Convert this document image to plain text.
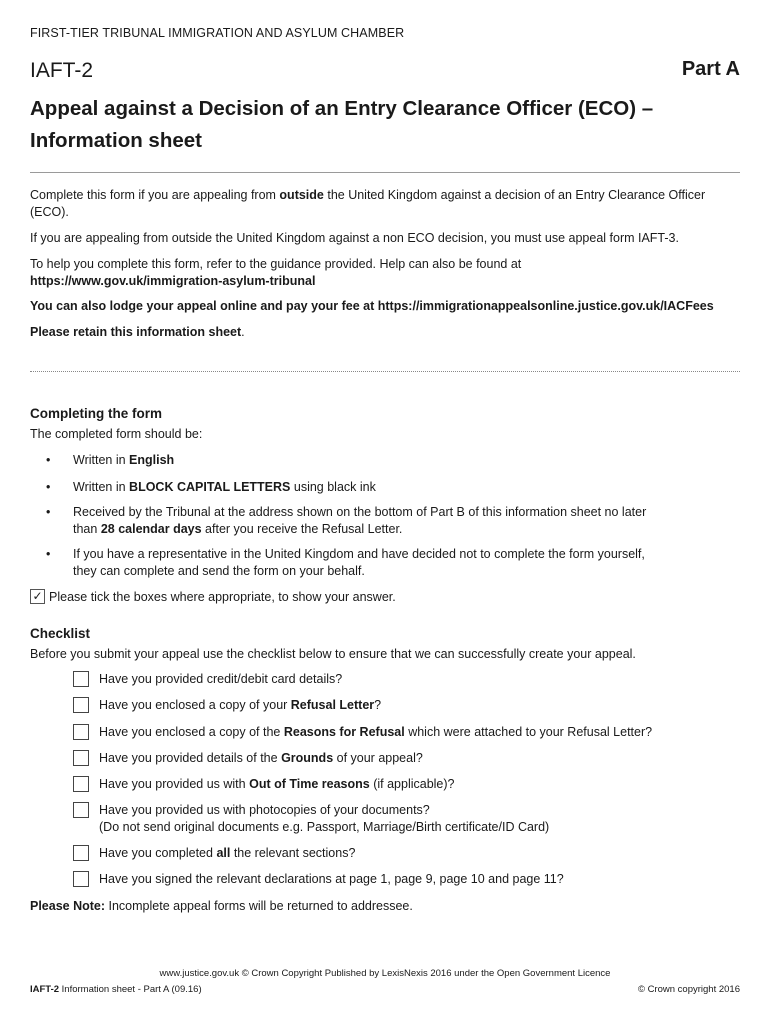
FIRST-TIER TRIBUNAL IMMIGRATION AND ASYLUM CHAMBER
IAFT-2	Part A
Appeal against a Decision of an Entry Clearance Officer (ECO) –
Information sheet
Complete this form if you are appealing from outside the United Kingdom against a decision of an Entry Clearance Officer (ECO).
If you are appealing from outside the United Kingdom against a non ECO decision, you must use appeal form IAFT-3.
To help you complete this form, refer to the guidance provided. Help can also be found at
https://www.gov.uk/immigration-asylum-tribunal
You can also lodge your appeal online and pay your fee at https://immigrationappealsonline.justice.gov.uk/IACFees
Please retain this information sheet.
Completing the form
The completed form should be:
• Written in English
• Written in BLOCK CAPITAL LETTERS using black ink
• Received by the Tribunal at the address shown on the bottom of Part B of this information sheet no later
than 28 calendar days after you receive the Refusal Letter.
• If you have a representative in the United Kingdom and have decided not to complete the form yourself,
they can complete and send the form on your behalf.
✓ Please tick the boxes where appropriate, to show your answer.
Checklist
Before you submit your appeal use the checklist below to ensure that we can successfully create your appeal.
Have you provided credit/debit card details?
Have you enclosed a copy of your Refusal Letter?
Have you enclosed a copy of the Reasons for Refusal which were attached to your Refusal Letter?
Have you provided details of the Grounds of your appeal?
Have you provided us with Out of Time reasons (if applicable)?
Have you provided us with photocopies of your documents?
(Do not send original documents e.g. Passport, Marriage/Birth certificate/ID Card)
Have you completed all the relevant sections?
Have you signed the relevant declarations at page 1, page 9, page 10 and page 11?
Please Note: Incomplete appeal forms will be returned to addressee.
www.justice.gov.uk © Crown Copyright Published by LexisNexis 2016 under the Open Government Licence
IAFT-2 Information sheet - Part A (09.16)	© Crown copyright 2016
